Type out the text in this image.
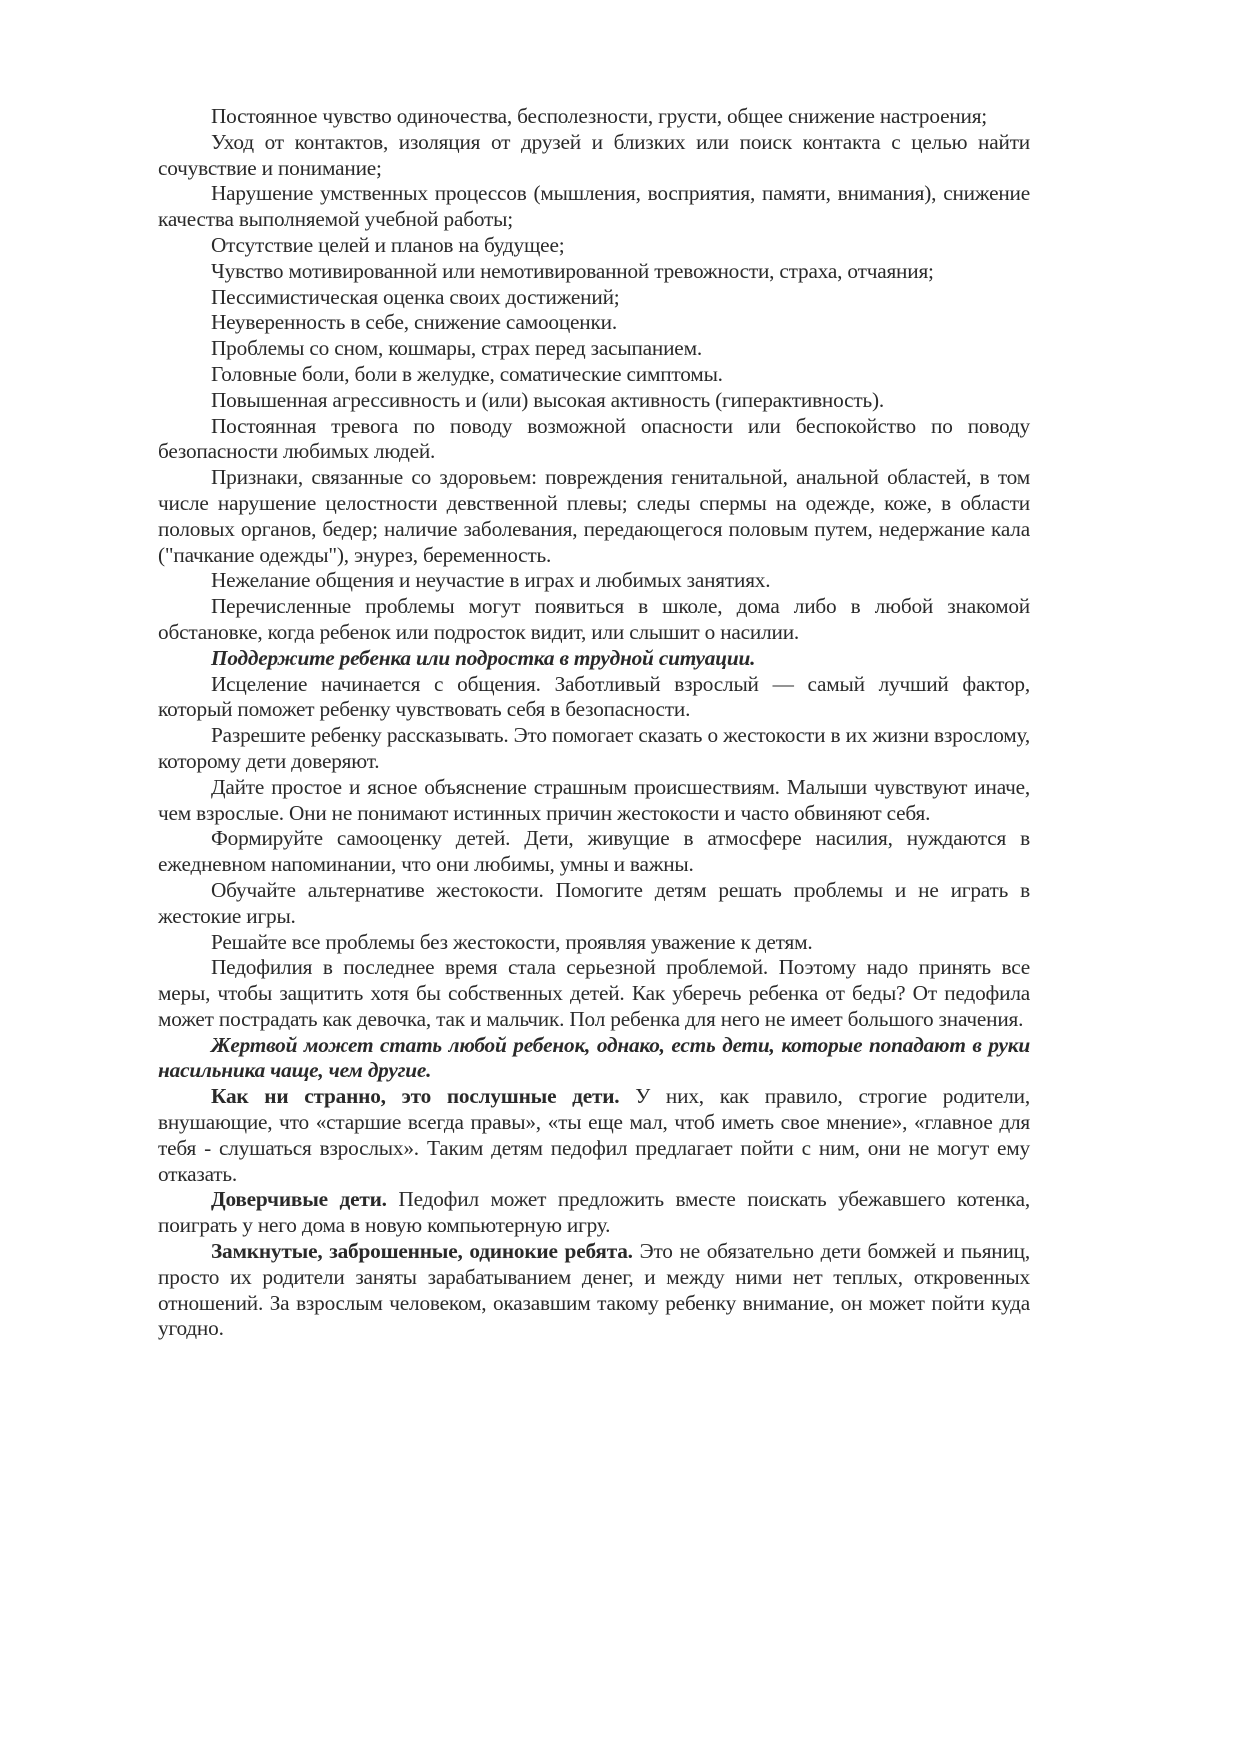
Постоянное чувство одиночества, бесполезности, грусти, общее снижение настроения;

Уход от контактов, изоляция от друзей и близких или поиск контакта с целью найти сочувствие и понимание;

Нарушение умственных процессов (мышления, восприятия, памяти, внимания), снижение качества выполняемой учебной работы;

Отсутствие целей и планов на будущее;

Чувство мотивированной или немотивированной тревожности, страха, отчаяния;

Пессимистическая оценка своих достижений;

Неуверенность в себе, снижение самооценки.

Проблемы со сном, кошмары, страх перед засыпанием.

Головные боли, боли в желудке, соматические симптомы.

Повышенная агрессивность и (или) высокая активность (гиперактивность).

Постоянная тревога по поводу возможной опасности или беспокойство по поводу безопасности любимых людей.

Признаки, связанные со здоровьем: повреждения генитальной, анальной областей, в том числе нарушение целостности девственной плевы; следы спермы на одежде, коже, в области половых органов, бедер; наличие заболевания, передающегося половым путем, недержание кала ("пачкание одежды"), энурез, беременность.

Нежелание общения и неучастие в играх и любимых занятиях.

Перечисленные проблемы могут появиться в школе, дома либо в любой знакомой обстановке, когда ребенок или подросток видит, или слышит о насилии.

Поддержите ребенка или подростка в трудной ситуации.

Исцеление начинается с общения. Заботливый взрослый — самый лучший фактор, который поможет ребенку чувствовать себя в безопасности.

Разрешите ребенку рассказывать. Это помогает сказать о жестокости в их жизни взрослому, которому дети доверяют.

Дайте простое и ясное объяснение страшным происшествиям. Малыши чувствуют иначе, чем взрослые. Они не понимают истинных причин жестокости и часто обвиняют себя.

Формируйте самооценку детей. Дети, живущие в атмосфере насилия, нуждаются в ежедневном напоминании, что они любимы, умны и важны.

Обучайте альтернативе жестокости. Помогите детям решать проблемы и не играть в жестокие игры.

Решайте все проблемы без жестокости, проявляя уважение к детям.

Педофилия в последнее время стала серьезной проблемой. Поэтому надо принять все меры, чтобы защитить хотя бы собственных детей. Как уберечь ребенка от беды? От педофила может пострадать как девочка, так и мальчик. Пол ребенка для него не имеет большого значения.

Жертвой может стать любой ребенок, однако, есть дети, которые попадают в руки насильника чаще, чем другие.

Как ни странно, это послушные дети. У них, как правило, строгие родители, внушающие, что «старшие всегда правы», «ты еще мал, чтоб иметь свое мнение», «главное для тебя - слушаться взрослых». Таким детям педофил предлагает пойти с ним, они не могут ему отказать.

Доверчивые дети. Педофил может предложить вместе поискать убежавшего котенка, поиграть у него дома в новую компьютерную игру.

Замкнутые, заброшенные, одинокие ребята. Это не обязательно дети бомжей и пьяниц, просто их родители заняты зарабатыванием денег, и между ними нет теплых, откровенных отношений. За взрослым человеком, оказавшим такому ребенку внимание, он может пойти куда угодно.
